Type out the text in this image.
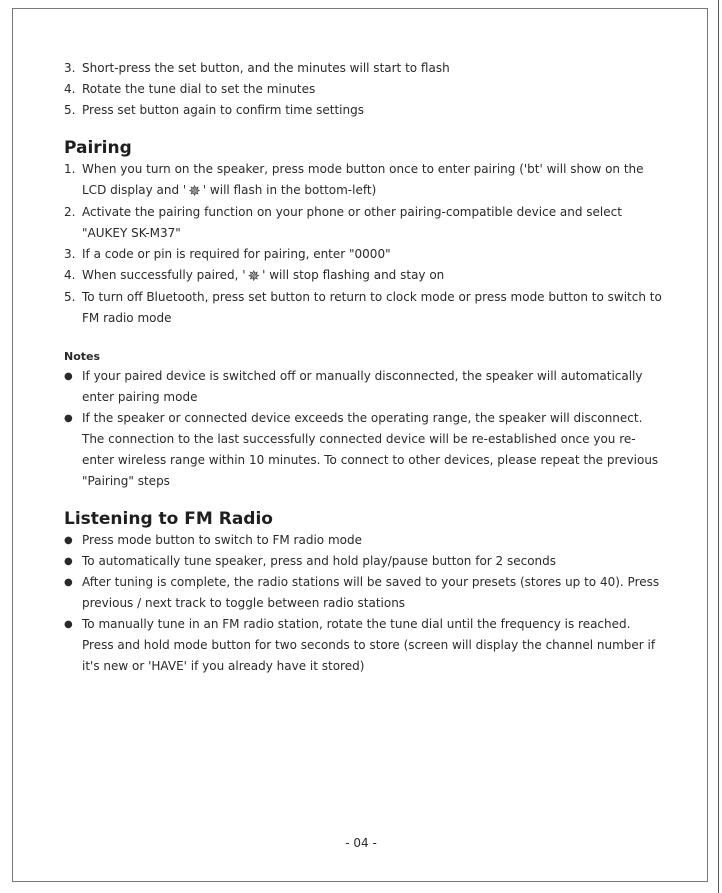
3. Short-press the set button, and the minutes will start to flash
4. Rotate the tune dial to set the minutes
5. Press set button again to confirm time settings
Pairing
1. When you turn on the speaker, press mode button once to enter pairing ('bt' will show on the LCD display and ' ✵ ' will flash in the bottom-left)
2. Activate the pairing function on your phone or other pairing-compatible device and select "AUKEY SK-M37"
3. If a code or pin is required for pairing, enter "0000"
4. When successfully paired, ' ✵ ' will stop flashing and stay on
5. To turn off Bluetooth, press set button to return to clock mode or press mode button to switch to FM radio mode
Notes
● If your paired device is switched off or manually disconnected, the speaker will automatically enter pairing mode
● If the speaker or connected device exceeds the operating range, the speaker will disconnect. The connection to the last successfully connected device will be re-established once you re-enter wireless range within 10 minutes. To connect to other devices, please repeat the previous "Pairing" steps
Listening to FM Radio
● Press mode button to switch to FM radio mode
● To automatically tune speaker, press and hold play/pause button for 2 seconds
● After tuning is complete, the radio stations will be saved to your presets (stores up to 40). Press previous / next track to toggle between radio stations
● To manually tune in an FM radio station, rotate the tune dial until the frequency is reached. Press and hold mode button for two seconds to store (screen will display the channel number if it's new or 'HAVE' if you already have it stored)
- 04 -
